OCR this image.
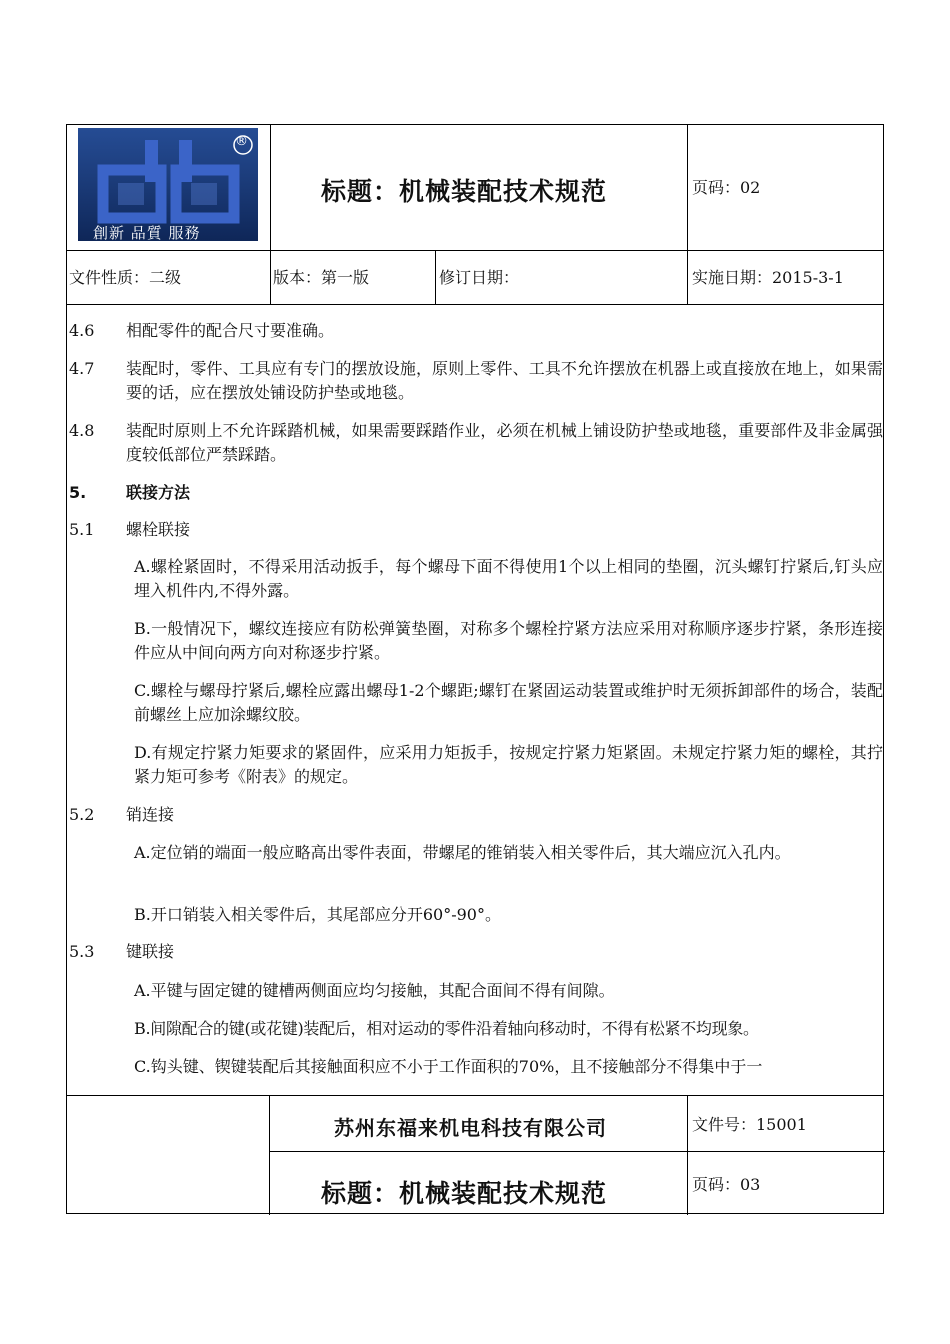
®
創新 品質 服務
标题：机械装配技术规范	页码：02
文件性质：二级	版本：第一版	修订日期：	实施日期：2015-3-1
4.6 相配零件的配合尺寸要准确。
4.7 装配时，零件、工具应有专门的摆放设施，原则上零件、工具不允许摆放在机器上或直接放在地上，如果需要的话，应在摆放处铺设防护垫或地毯。
4.8 装配时原则上不允许踩踏机械，如果需要踩踏作业，必须在机械上铺设防护垫或地毯，重要部件及非金属强度较低部位严禁踩踏。
5. 联接方法
5.1 螺栓联接
A.螺栓紧固时，不得采用活动扳手，每个螺母下面不得使用1个以上相同的垫圈，沉头螺钉拧紧后,钉头应埋入机件内,不得外露。
B.一般情况下，螺纹连接应有防松弹簧垫圈，对称多个螺栓拧紧方法应采用对称顺序逐步拧紧，条形连接件应从中间向两方向对称逐步拧紧。
C.螺栓与螺母拧紧后,螺栓应露出螺母1-2个螺距;螺钉在紧固运动装置或维护时无须拆卸部件的场合，装配前螺丝上应加涂螺纹胶。
D.有规定拧紧力矩要求的紧固件，应采用力矩扳手，按规定拧紧力矩紧固。未规定拧紧力矩的螺栓，其拧紧力矩可参考《附表》的规定。
5.2 销连接
A.定位销的端面一般应略高出零件表面，带螺尾的锥销装入相关零件后，其大端应沉入孔内。
B.开口销装入相关零件后，其尾部应分开60°-90°。
5.3 键联接
A.平键与固定键的键槽两侧面应均匀接触，其配合面间不得有间隙。
B.间隙配合的键(或花键)装配后，相对运动的零件沿着轴向移动时，不得有松紧不均现象。
C.钩头键、锲键装配后其接触面积应不小于工作面积的70%，且不接触部分不得集中于一
苏州东福来机电科技有限公司	文件号：15001
标题：机械装配技术规范	页码：03
